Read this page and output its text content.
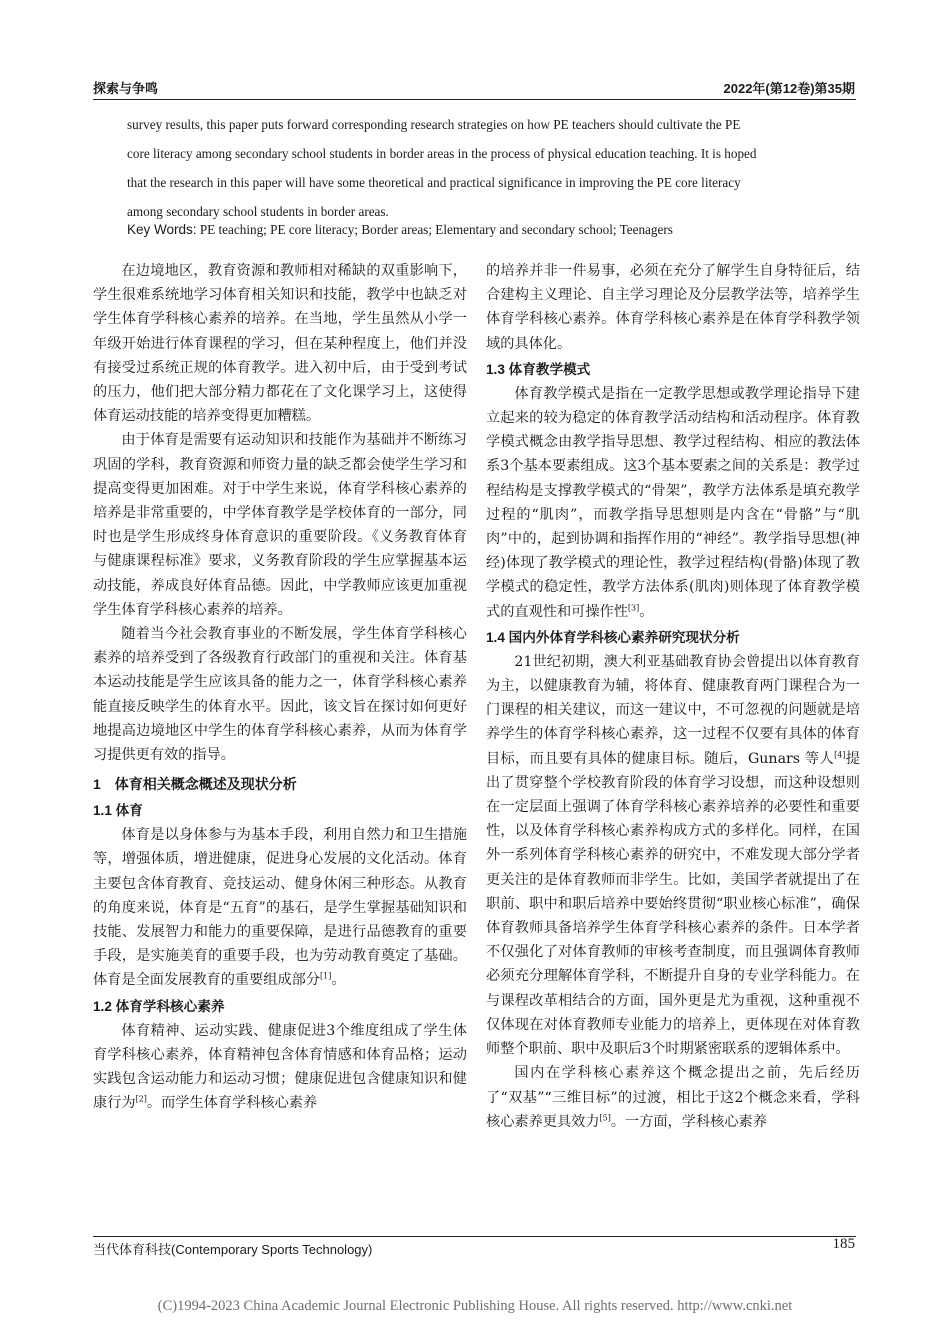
探索与争鸣	2022年(第12卷)第35期

survey results, this paper puts forward corresponding research strategies on how PE teachers should cultivate the PE

core literacy among secondary school students in border areas in the process of physical education teaching. It is hoped

that the research in this paper will have some theoretical and practical significance in improving the PE core literacy

among secondary school students in border areas.

Key Words: PE teaching; PE core literacy; Border areas; Elementary and secondary school; Teenagers

在边境地区，教育资源和教师相对稀缺的双重影响下，学生很难系统地学习体育相关知识和技能，教学中也缺乏对学生体育学科核心素养的培养。在当地，学生虽然从小学一年级开始进行体育课程的学习，但在某种程度上，他们并没有接受过系统正规的体育教学。进入初中后，由于受到考试的压力，他们把大部分精力都花在了文化课学习上，这使得体育运动技能的培养变得更加糟糕。

由于体育是需要有运动知识和技能作为基础并不断练习巩固的学科，教育资源和师资力量的缺乏都会使学生学习和提高变得更加困难。对于中学生来说，体育学科核心素养的培养是非常重要的，中学体育教学是学校体育的一部分，同时也是学生形成终身体育意识的重要阶段。《义务教育体育与健康课程标准》要求，义务教育阶段的学生应掌握基本运动技能，养成良好体育品德。因此，中学教师应该更加重视学生体育学科核心素养的培养。

随着当今社会教育事业的不断发展，学生体育学科核心素养的培养受到了各级教育行政部门的重视和关注。体育基本运动技能是学生应该具备的能力之一，体育学科核心素养能直接反映学生的体育水平。因此，该文旨在探讨如何更好地提高边境地区中学生的体育学科核心素养，从而为体育学习提供更有效的指导。

1　体育相关概念概述及现状分析
1.1 体育

体育是以身体参与为基本手段，利用自然力和卫生措施等，增强体质，增进健康，促进身心发展的文化活动。体育主要包含体育教育、竞技运动、健身休闲三种形态。从教育的角度来说，体育是“五育”的基石，是学生掌握基础知识和技能、发展智力和能力的重要保障，是进行品德教育的重要手段，是实施美育的重要手段，也为劳动教育奠定了基础。体育是全面发展教育的重要组成部分[1]。

1.2 体育学科核心素养

体育精神、运动实践、健康促进3个维度组成了学生体育学科核心素养，体育精神包含体育情感和体育品格；运动实践包含运动能力和运动习惯；健康促进包含健康知识和健康行为[2]。而学生体育学科核心素养

的培养并非一件易事，必须在充分了解学生自身特征后，结合建构主义理论、自主学习理论及分层教学法等，培养学生体育学科核心素养。体育学科核心素养是在体育学科教学领域的具体化。

1.3 体育教学模式

体育教学模式是指在一定教学思想或教学理论指导下建立起来的较为稳定的体育教学活动结构和活动程序。体育教学模式概念由教学指导思想、教学过程结构、相应的教法体系3个基本要素组成。这3个基本要素之间的关系是：教学过程结构是支撑教学模式的“骨架”，教学方法体系是填充教学过程的“肌肉”，而教学指导思想则是内含在“骨骼”与“肌肉”中的，起到协调和指挥作用的“神经”。教学指导思想(神经)体现了教学模式的理论性，教学过程结构(骨骼)体现了教学模式的稳定性，教学方法体系(肌肉)则体现了体育教学模式的直观性和可操作性[3]。

1.4 国内外体育学科核心素养研究现状分析

21世纪初期，澳大利亚基础教育协会曾提出以体育教育为主，以健康教育为辅，将体育、健康教育两门课程合为一门课程的相关建议，而这一建议中，不可忽视的问题就是培养学生的体育学科核心素养，这一过程不仅要有具体的体育目标，而且要有具体的健康目标。随后，Gunars 等人[4]提出了贯穿整个学校教育阶段的体育学习设想，而这种设想则在一定层面上强调了体育学科核心素养培养的必要性和重要性，以及体育学科核心素养构成方式的多样化。同样，在国外一系列体育学科核心素养的研究中，不难发现大部分学者更关注的是体育教师而非学生。比如，美国学者就提出了在职前、职中和职后培养中要始终贯彻“职业核心标准”，确保体育教师具备培养学生体育学科核心素养的条件。日本学者不仅强化了对体育教师的审核考查制度，而且强调体育教师必须充分理解体育学科，不断提升自身的专业学科能力。在与课程改革相结合的方面，国外更是尤为重视，这种重视不仅体现在对体育教师专业能力的培养上，更体现在对体育教师整个职前、职中及职后3个时期紧密联系的逻辑体系中。

国内在学科核心素养这个概念提出之前，先后经历了“双基”“三维目标”的过渡，相比于这2个概念来看，学科核心素养更具效力[5]。一方面，学科核心素养

当代体育科技(Contemporary Sports Technology)	185
(C)1994-2023 China Academic Journal Electronic Publishing House. All rights reserved. http://www.cnki.net
